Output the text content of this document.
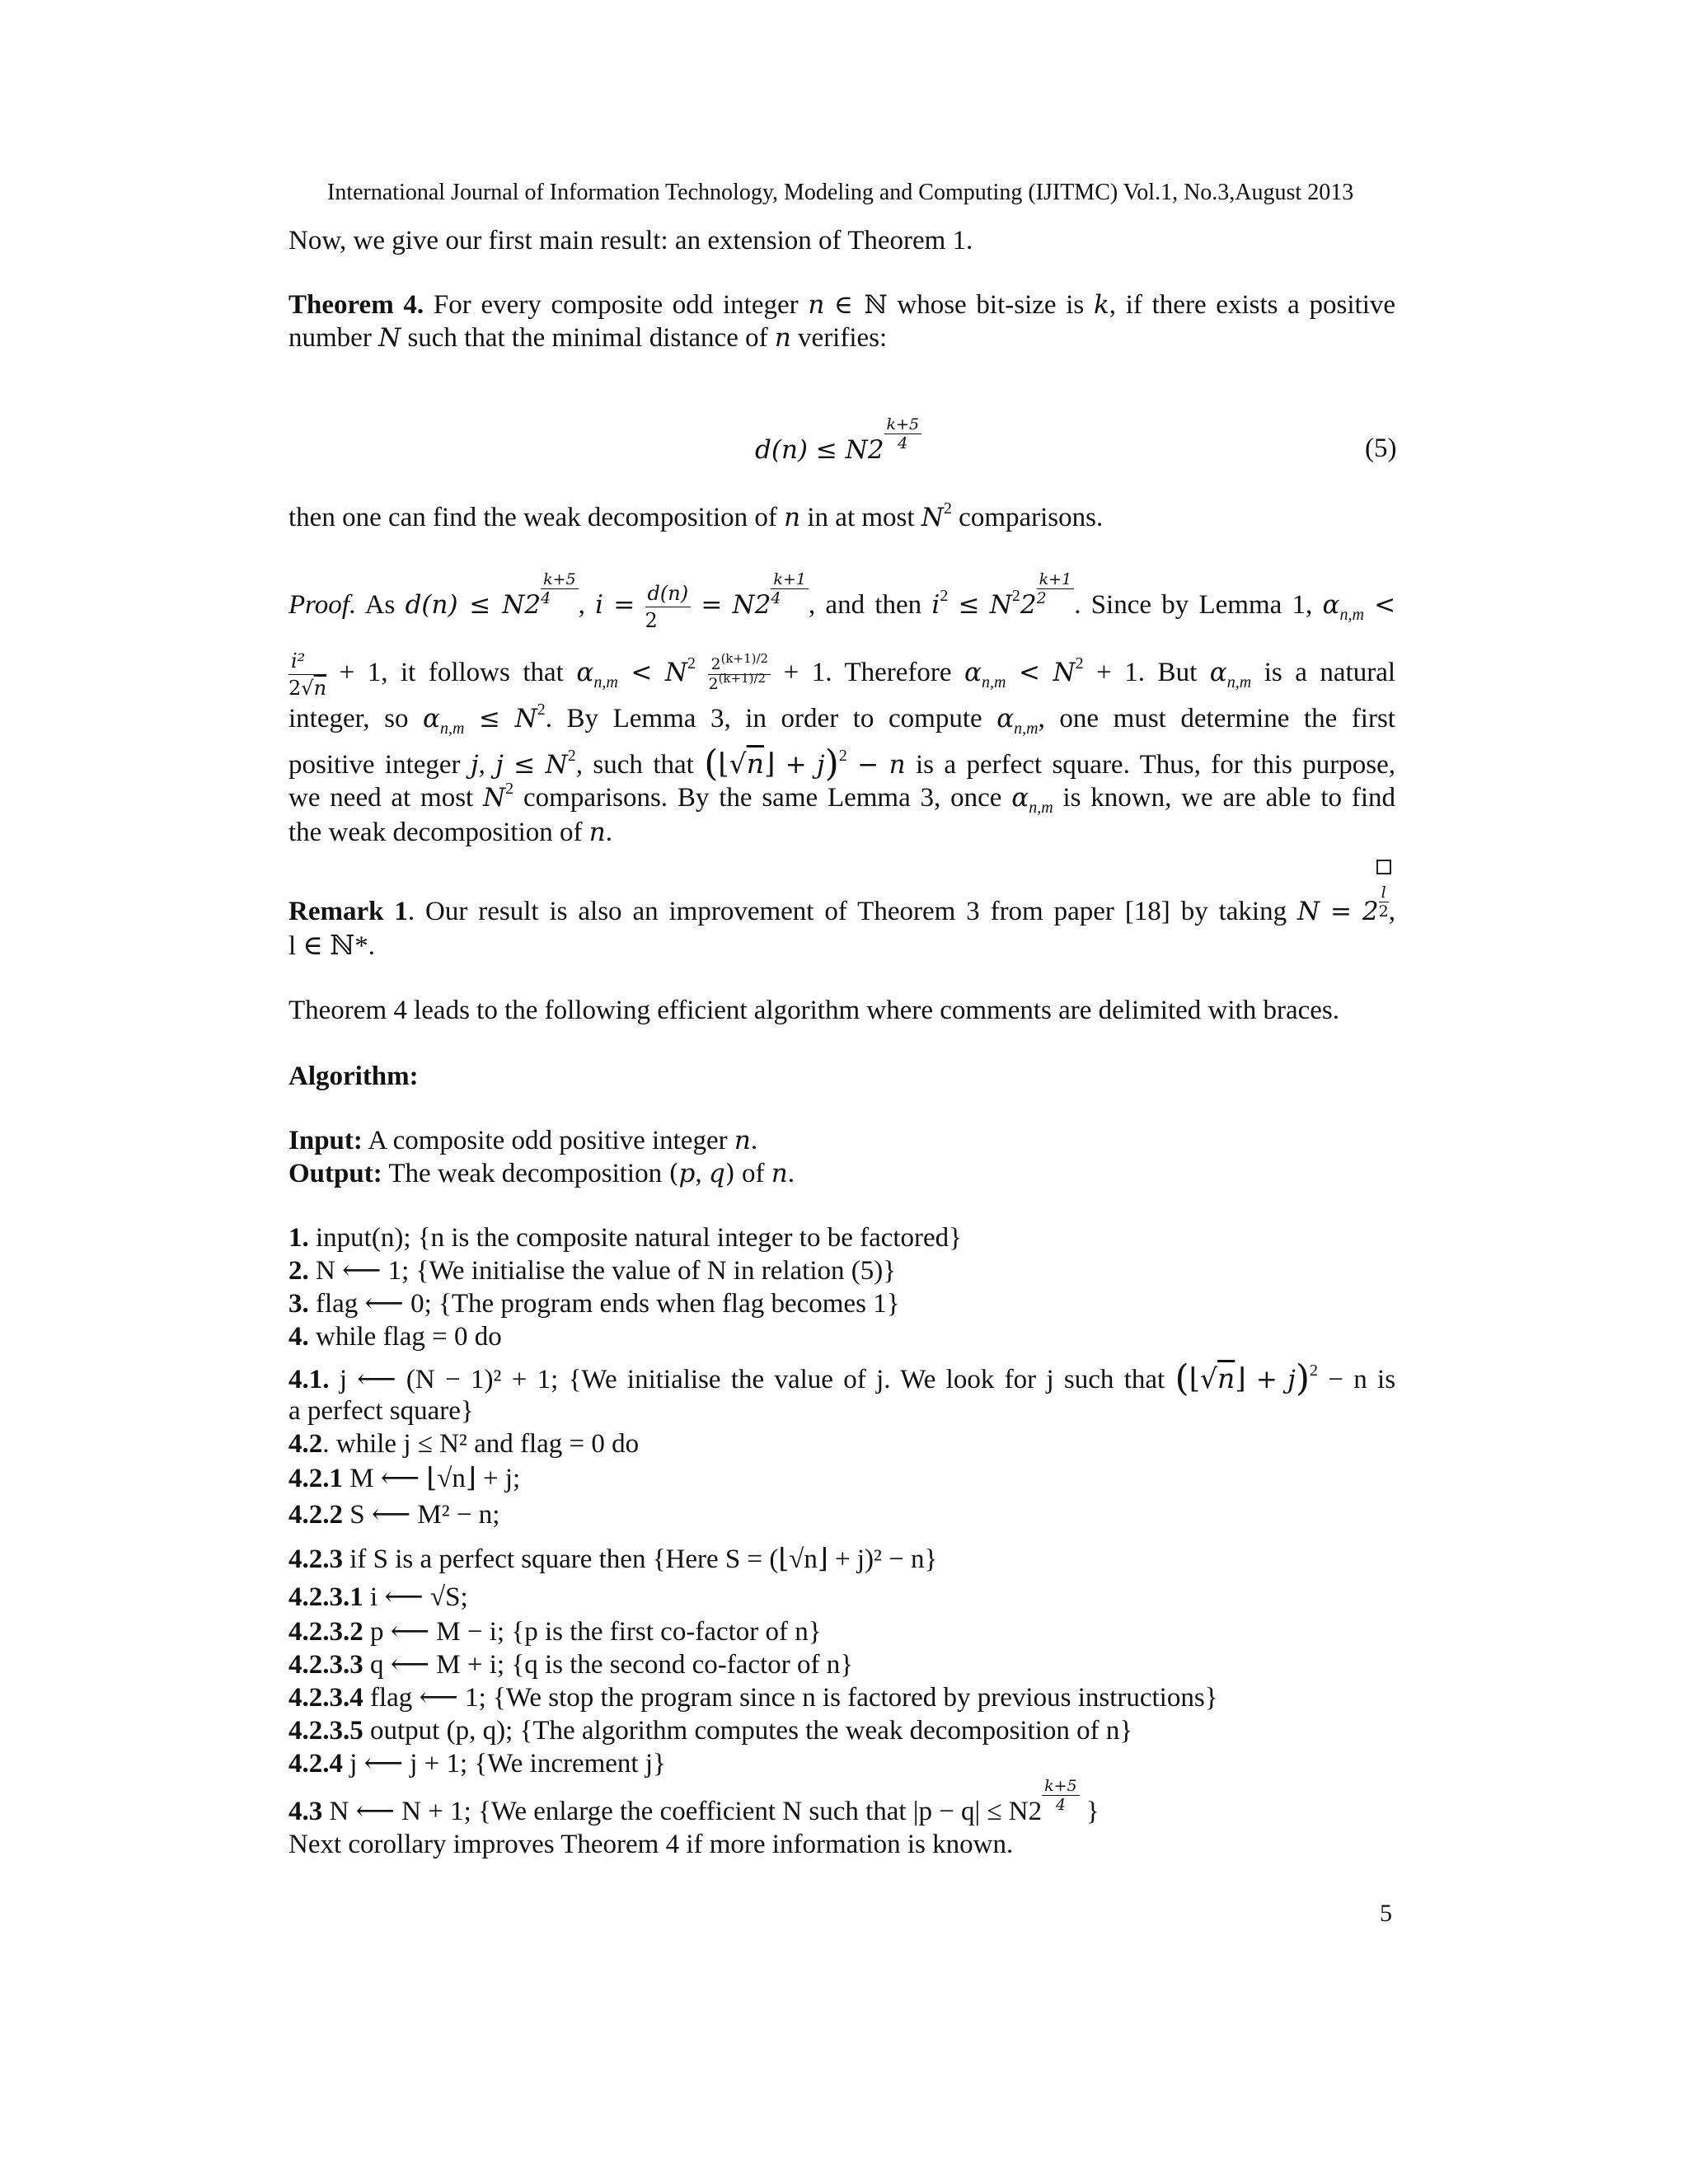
International Journal of Information Technology, Modeling and Computing (IJITMC) Vol.1, No.3,August 2013
Now, we give our first main result: an extension of Theorem 1.
Theorem 4. For every composite odd integer n ∈ ℕ whose bit-size is k, if there exists a positive
number N such that the minimal distance of n verifies:
$d(n) \le N2 \frac{k+5}{4}$	(5)
then one can find the weak decomposition of n in at most $N^2$ comparisons.
Proof. As $d(n) \le N2 \frac{k+5}{4}$ , $i = \frac{d(n)}{2} = N2 \frac{k+1}{4}$ , and then $i^2 \le N^22 \frac{k+1}{2}$ . Since by Lemma 1, $\alpha_{n,m}$ <
$\frac{\text{i²}}{2√n} + 1$, it follows that $\alpha_{n,m} < N^2 \frac{2^{(k+1)/2}}{2^{(k+1)/2}} + 1$. Therefore $\alpha_{n,m} < N^2 + 1$. But $\alpha_{n,m}$ is a natural
integer, so $\alpha_{n,m} \le N^2$. By Lemma 3, in order to compute $\alpha_{n,m}$, one must determine the first
positive integer j, $j \le N^2$, such that (⌊√n⌋ + j)$^2$ − n is a perfect square. Thus, for this purpose,
we need at most $N^2$ comparisons. By the same Lemma 3, once $\alpha_{n,m}$ is known, we are able to find
the weak decomposition of n.
Remark 1. Our result is also an improvement of Theorem 3 from paper [18] by taking $N = 2 \frac{l}{2}$ ,
l ∈ ℕ*.
Theorem 4 leads to the following efficient algorithm where comments are delimited with braces.
Algorithm:
Input: A composite odd positive integer n.
Output: The weak decomposition (p, q) of n.
1. input(n); {n is the composite natural integer to be factored}
2. N ⟵ 1; {We initialise the value of N in relation (5)}
3. flag ⟵ 0; {The program ends when flag becomes 1}
4. while flag = 0 do
4.1. j ⟵ (N − 1)² + 1; {We initialise the value of j. We look for j such that (⌊√n⌋ + j)$^2$ − n is
a perfect square}
4.2. while j ≤ N² and flag = 0 do
4.2.1 M ⟵ ⌊√n⌋ + j;
4.2.2 S ⟵ M² − n;
4.2.3 if S is a perfect square then {Here S = (⌊√n⌋ + j)² − n}
4.2.3.1 i ⟵ √S;
4.2.3.2 p ⟵ M − i; {p is the first co-factor of n}
4.2.3.3 q ⟵ M + i; {q is the second co-factor of n}
4.2.3.4 flag ⟵ 1; {We stop the program since n is factored by previous instructions}
4.2.3.5 output (p, q); {The algorithm computes the weak decomposition of n}
4.2.4 j ⟵ j + 1; {We increment j}
4.3 N ⟵ N + 1; {We enlarge the coefficient N such that $|p - q| \le N2 \frac{k+5}{4}$ }
Next corollary improves Theorem 4 if more information is known.
5
